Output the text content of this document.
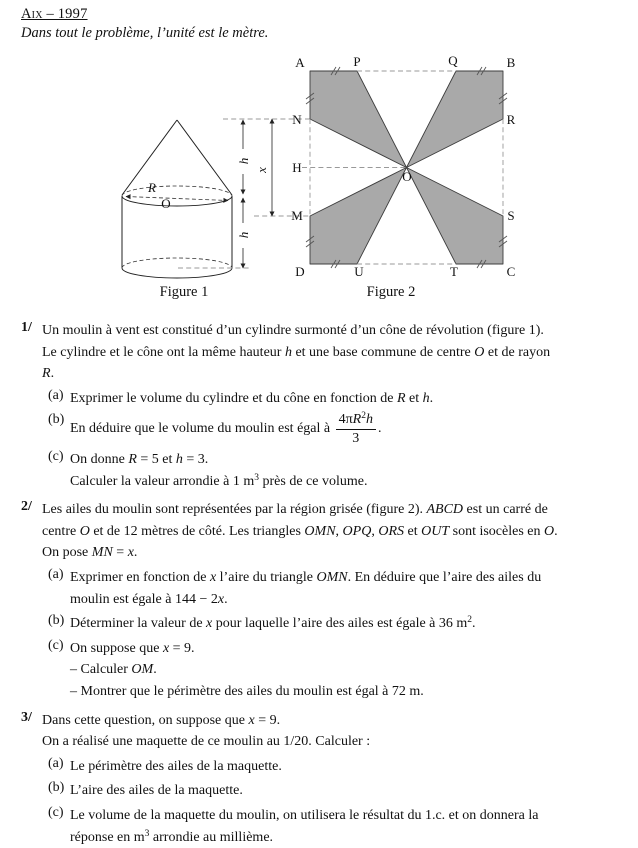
Aix – 1997
Dans tout le problème, l’unité est le mètre.
R
O
h
h
Figure 1
x
A	P	Q	B
N	R
H
M	S
D	U	T	C
O
Figure 2
1/ Un moulin à vent est constitué d’un cylindre surmonté d’un cône de révolution (figure 1).
Le cylindre et le cône ont la même hauteur h et une base commune de centre O et de rayon
R.
(a) Exprimer le volume du cylindre et du cône en fonction de R et h.
(b)
En déduire que le volume du moulin est égal à $\frac{4\pi R^2h}{3}$ .
(c) On donne R = 5 et h = 3.
Calculer la valeur arrondie à 1 $m^3$ près de ce volume.
2/ Les ailes du moulin sont représentées par la région grisée (figure 2). ABCD est un carré de
centre O et de 12 mètres de côté. Les triangles OMN, OPQ, ORS et OUT sont isocèles en O.
On pose MN = x.
(a) Exprimer en fonction de x l’aire du triangle OMN. En déduire que l’aire des ailes du
moulin est égale à 144 − 2x.
(b) Déterminer la valeur de x pour laquelle l’aire des ailes est égale à 36 $m^2$.
(c) On suppose que x = 9.
– Calculer OM.
– Montrer que le périmètre des ailes du moulin est égal à 72 m.
3/ Dans cette question, on suppose que x = 9.
On a réalisé une maquette de ce moulin au 1/20. Calculer :
(a) Le périmètre des ailes de la maquette.
(b) L’aire des ailes de la maquette.
(c) Le volume de la maquette du moulin, on utilisera le résultat du 1.c. et on donnera la
réponse en $m^3$ arrondie au millième.
